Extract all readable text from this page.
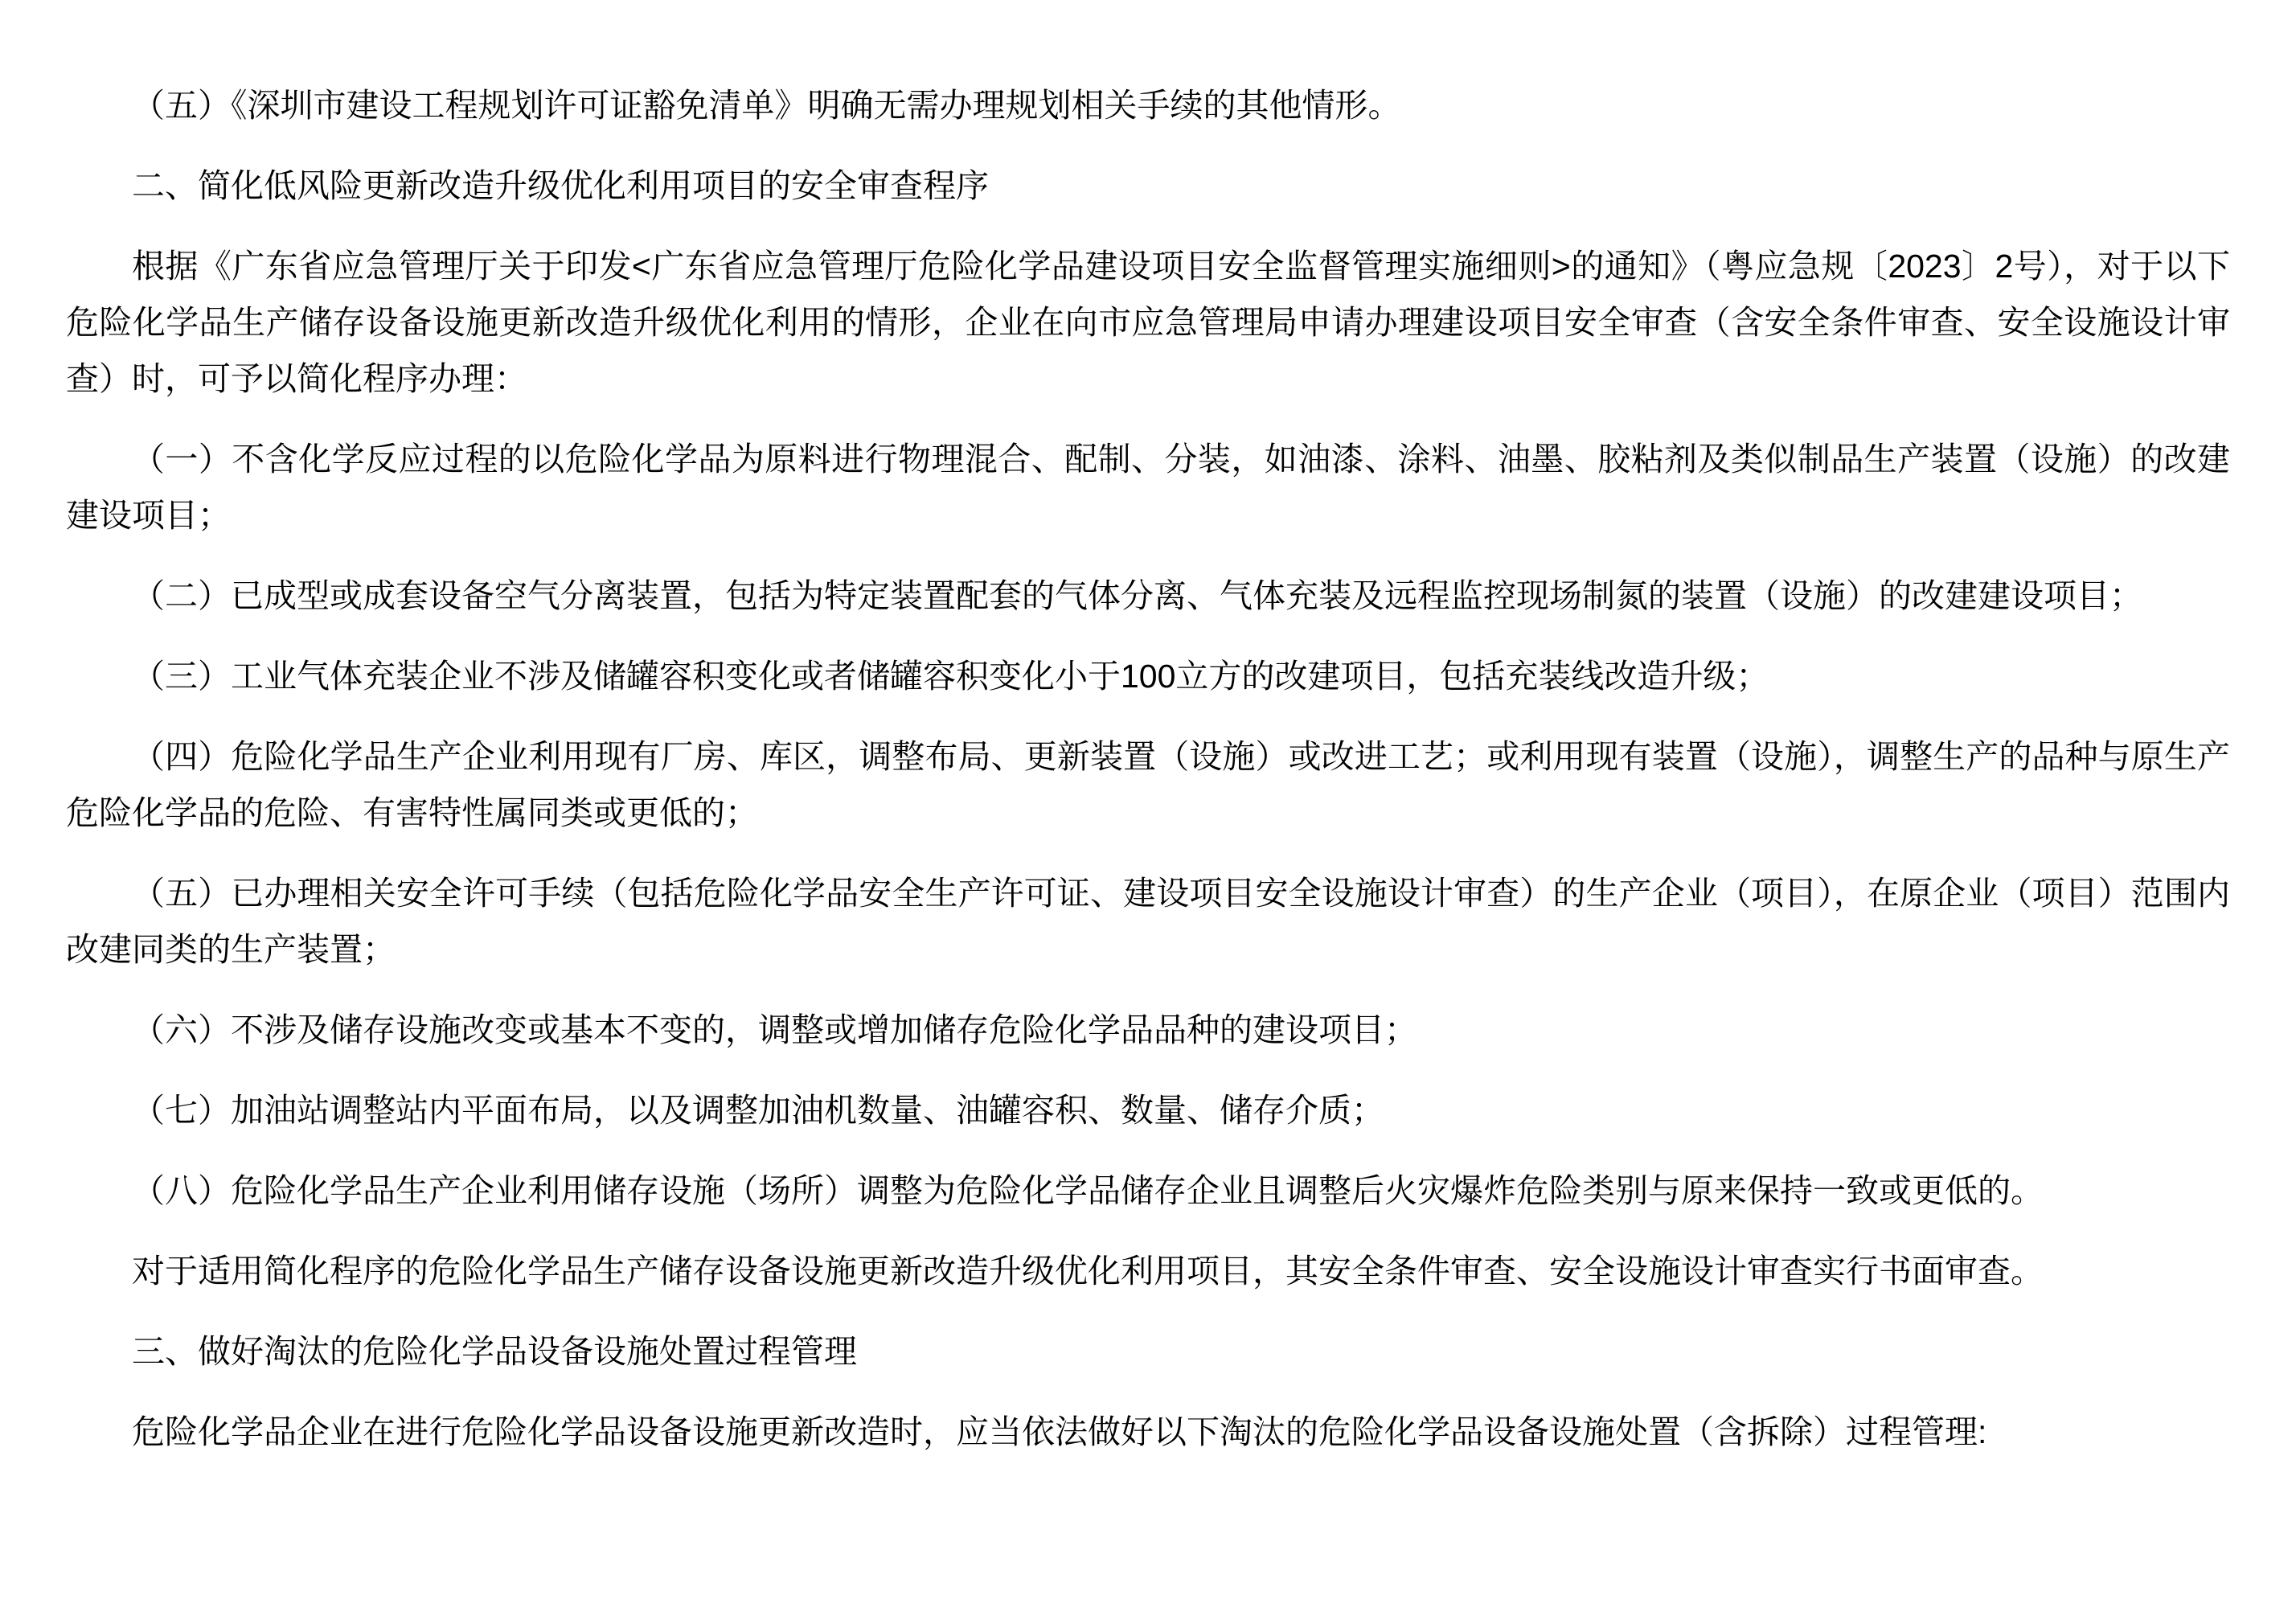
（五）《深圳市建设工程规划许可证豁免清单》明确无需办理规划相关手续的其他情形。

二、简化低风险更新改造升级优化利用项目的安全审查程序

根据《广东省应急管理厅关于印发<广东省应急管理厅危险化学品建设项目安全监督管理实施细则>的通知》（粤应急规〔2023〕2号），对于以下危险化学品生产储存设备设施更新改造升级优化利用的情形，企业在向市应急管理局申请办理建设项目安全审查（含安全条件审查、安全设施设计审查）时，可予以简化程序办理：

（一）不含化学反应过程的以危险化学品为原料进行物理混合、配制、分装，如油漆、涂料、油墨、胶粘剂及类似制品生产装置（设施）的改建建设项目；

（二）已成型或成套设备空气分离装置，包括为特定装置配套的气体分离、气体充装及远程监控现场制氮的装置（设施）的改建建设项目；

（三）工业气体充装企业不涉及储罐容积变化或者储罐容积变化小于100立方的改建项目，包括充装线改造升级；

（四）危险化学品生产企业利用现有厂房、库区，调整布局、更新装置（设施）或改进工艺；或利用现有装置（设施），调整生产的品种与原生产危险化学品的危险、有害特性属同类或更低的；

（五）已办理相关安全许可手续（包括危险化学品安全生产许可证、建设项目安全设施设计审查）的生产企业（项目），在原企业（项目）范围内改建同类的生产装置；

（六）不涉及储存设施改变或基本不变的，调整或增加储存危险化学品品种的建设项目；

（七）加油站调整站内平面布局，以及调整加油机数量、油罐容积、数量、储存介质；

（八）危险化学品生产企业利用储存设施（场所）调整为危险化学品储存企业且调整后火灾爆炸危险类别与原来保持一致或更低的。

对于适用简化程序的危险化学品生产储存设备设施更新改造升级优化利用项目，其安全条件审查、安全设施设计审查实行书面审查。

三、做好淘汰的危险化学品设备设施处置过程管理

危险化学品企业在进行危险化学品设备设施更新改造时，应当依法做好以下淘汰的危险化学品设备设施处置（含拆除）过程管理:
